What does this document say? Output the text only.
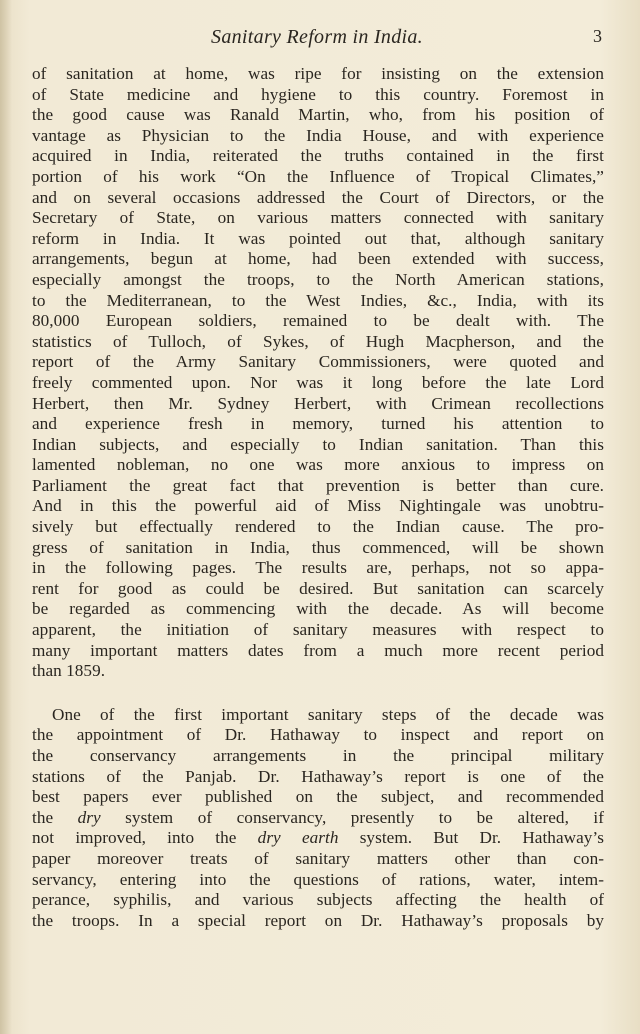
Sanitary Reform in India.	3
of sanitation at home, was ripe for insisting on the extension
of State medicine and hygiene to this country. Foremost in
the good cause was Ranald Martin, who, from his position of
vantage as Physician to the India House, and with experience
acquired in India, reiterated the truths contained in the first
portion of his work “On the Influence of Tropical Climates,”
and on several occasions addressed the Court of Directors, or the
Secretary of State, on various matters connected with sanitary
reform in India. It was pointed out that, although sanitary
arrangements, begun at home, had been extended with success,
especially amongst the troops, to the North American stations,
to the Mediterranean, to the West Indies, &c., India, with its
80,000 European soldiers, remained to be dealt with. The
statistics of Tulloch, of Sykes, of Hugh Macpherson, and the
report of the Army Sanitary Commissioners, were quoted and
freely commented upon. Nor was it long before the late Lord
Herbert, then Mr. Sydney Herbert, with Crimean recollections
and experience fresh in memory, turned his attention to
Indian subjects, and especially to Indian sanitation. Than this
lamented nobleman, no one was more anxious to impress on
Parliament the great fact that prevention is better than cure.
And in this the powerful aid of Miss Nightingale was unobtru-
sively but effectually rendered to the Indian cause. The pro-
gress of sanitation in India, thus commenced, will be shown
in the following pages. The results are, perhaps, not so appa-
rent for good as could be desired. But sanitation can scarcely
be regarded as commencing with the decade. As will become
apparent, the initiation of sanitary measures with respect to
many important matters dates from a much more recent period
than 1859.
One of the first important sanitary steps of the decade was
the appointment of Dr. Hathaway to inspect and report on
the conservancy arrangements in the principal military
stations of the Panjab. Dr. Hathaway’s report is one of the
best papers ever published on the subject, and recommended
the dry system of conservancy, presently to be altered, if
not improved, into the dry earth system. But Dr. Hathaway’s
paper moreover treats of sanitary matters other than con-
servancy, entering into the questions of rations, water, intem-
perance, syphilis, and various subjects affecting the health of
the troops. In a special report on Dr. Hathaway’s proposals by
